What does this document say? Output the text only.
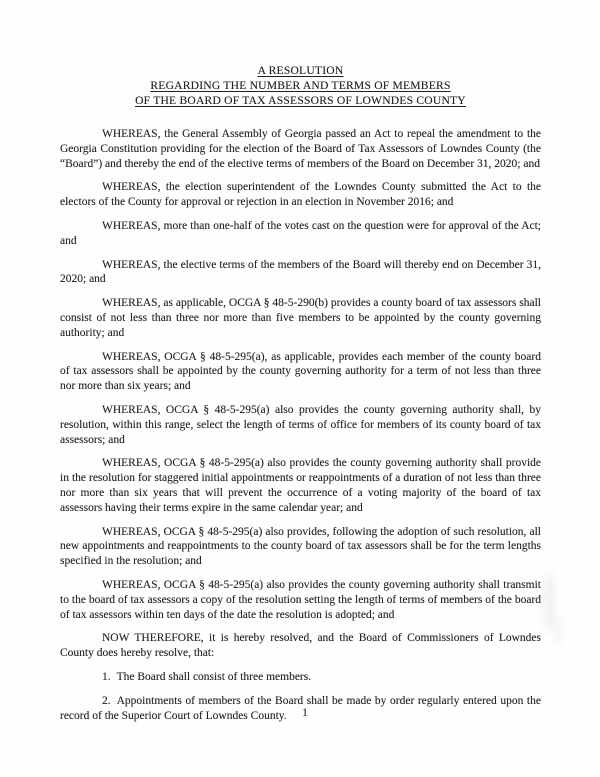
A RESOLUTION
REGARDING THE NUMBER AND TERMS OF MEMBERS
OF THE BOARD OF TAX ASSESSORS OF LOWNDES COUNTY

WHEREAS, the General Assembly of Georgia passed an Act to repeal the amendment to the Georgia Constitution providing for the election of the Board of Tax Assessors of Lowndes County (the “Board”) and thereby the end of the elective terms of members of the Board on December 31, 2020; and

WHEREAS, the election superintendent of the Lowndes County submitted the Act to the electors of the County for approval or rejection in an election in November 2016; and

WHEREAS, more than one-half of the votes cast on the question were for approval of the Act; and

WHEREAS, the elective terms of the members of the Board will thereby end on December 31, 2020; and

WHEREAS, as applicable, OCGA § 48-5-290(b) provides a county board of tax assessors shall consist of not less than three nor more than five members to be appointed by the county governing authority; and

WHEREAS, OCGA § 48-5-295(a), as applicable, provides each member of the county board of tax assessors shall be appointed by the county governing authority for a term of not less than three nor more than six years; and

WHEREAS, OCGA § 48-5-295(a) also provides the county governing authority shall, by resolution, within this range, select the length of terms of office for members of its county board of tax assessors; and

WHEREAS, OCGA § 48-5-295(a) also provides the county governing authority shall provide in the resolution for staggered initial appointments or reappointments of a duration of not less than three nor more than six years that will prevent the occurrence of a voting majority of the board of tax assessors having their terms expire in the same calendar year; and

WHEREAS, OCGA § 48-5-295(a) also provides, following the adoption of such resolution, all new appointments and reappointments to the county board of tax assessors shall be for the term lengths specified in the resolution; and

WHEREAS, OCGA § 48-5-295(a) also provides the county governing authority shall transmit to the board of tax assessors a copy of the resolution setting the length of terms of members of the board of tax assessors within ten days of the date the resolution is adopted; and

NOW THEREFORE, it is hereby resolved, and the Board of Commissioners of Lowndes County does hereby resolve, that:

1. The Board shall consist of three members.

2. Appointments of members of the Board shall be made by order regularly entered upon the record of the Superior Court of Lowndes County.	1
